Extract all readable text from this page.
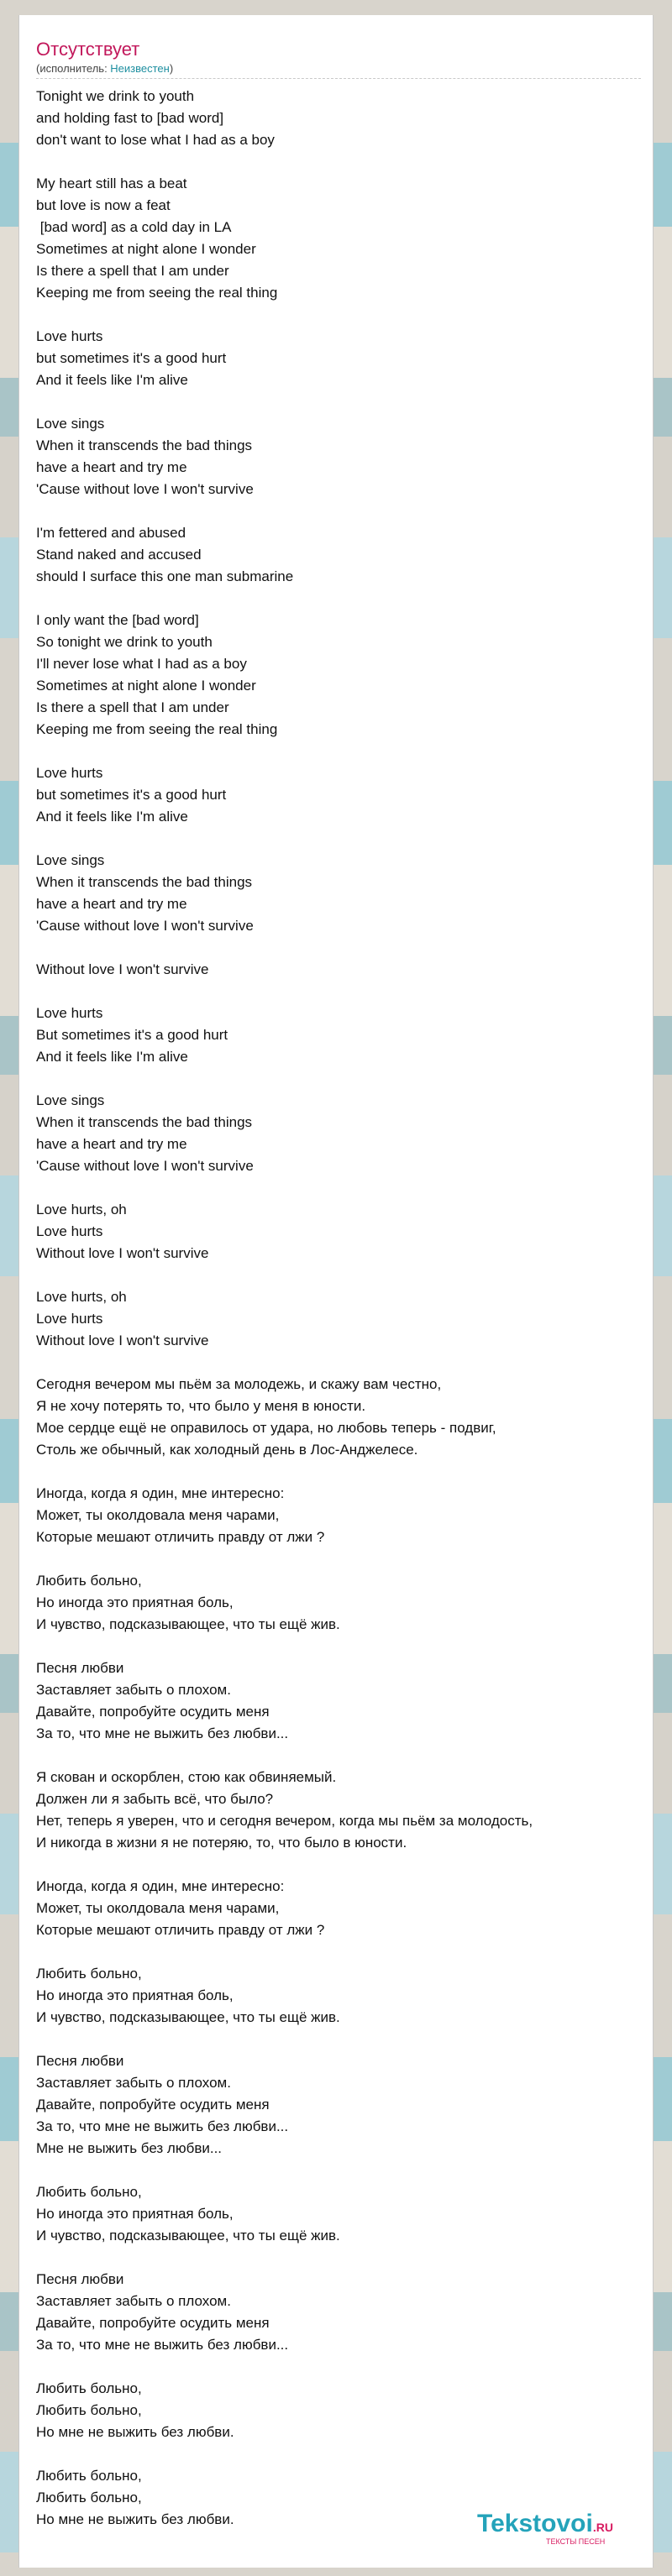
Отсутствует
(исполнитель: Неизвестен)
Tonight we drink to youth
and holding fast to [bad word]
don't want to lose what I had as a boy
My heart still has a beat
but love is now a feat
[bad word] as a cold day in LA
Sometimes at night alone I wonder
Is there a spell that I am under
Keeping me from seeing the real thing
Love hurts
but sometimes it's a good hurt
And it feels like I'm alive
Love sings
When it transcends the bad things
have a heart and try me
'Cause without love I won't survive
I'm fettered and abused
Stand naked and accused
should I surface this one man submarine
I only want the [bad word]
So tonight we drink to youth
I'll never lose what I had as a boy
Sometimes at night alone I wonder
Is there a spell that I am under
Keeping me from seeing the real thing
Love hurts
but sometimes it's a good hurt
And it feels like I'm alive
Love sings
When it transcends the bad things
have a heart and try me
'Cause without love I won't survive
Without love I won't survive
Love hurts
But sometimes it's a good hurt
And it feels like I'm alive
Love sings
When it transcends the bad things
have a heart and try me
'Cause without love I won't survive
Love hurts, oh
Love hurts
Without love I won't survive
Love hurts, oh
Love hurts
Without love I won't survive
Сегодня вечером мы пьём за молодежь, и скажу вам честно,
Я не хочу потерять то, что было у меня в юности.
Мое сердце ещё не оправилось от удара, но любовь теперь - подвиг,
Столь же обычный, как холодный день в Лос-Анджелесе.
Иногда, когда я один, мне интересно:
Может, ты околдовала меня чарами,
Которые мешают отличить правду от лжи ?
Любить больно,
Но иногда это приятная боль,
И чувство, подсказывающее, что ты ещё жив.
Песня любви
Заставляет забыть о плохом.
Давайте, попробуйте осудить меня
За то, что мне не выжить без любви...
Я скован и оскорблен, стою как обвиняемый.
Должен ли я забыть всё, что было?
Нет, теперь я уверен, что и сегодня вечером, когда мы пьём за молодость,
И никогда в жизни я не потеряю, то, что было в юности.
Иногда, когда я один, мне интересно:
Может, ты околдовала меня чарами,
Которые мешают отличить правду от лжи ?
Любить больно,
Но иногда это приятная боль,
И чувство, подсказывающее, что ты ещё жив.
Песня любви
Заставляет забыть о плохом.
Давайте, попробуйте осудить меня
За то, что мне не выжить без любви...
Мне не выжить без любви...
Любить больно,
Но иногда это приятная боль,
И чувство, подсказывающее, что ты ещё жив.
Песня любви
Заставляет забыть о плохом.
Давайте, попробуйте осудить меня
За то, что мне не выжить без любви...
Любить больно,
Любить больно,
Но мне не выжить без любви.
Любить больно,
Любить больно,
Но мне не выжить без любви.	Tekstovoi.RU
ТЕКСТЫ ПЕСЕН
